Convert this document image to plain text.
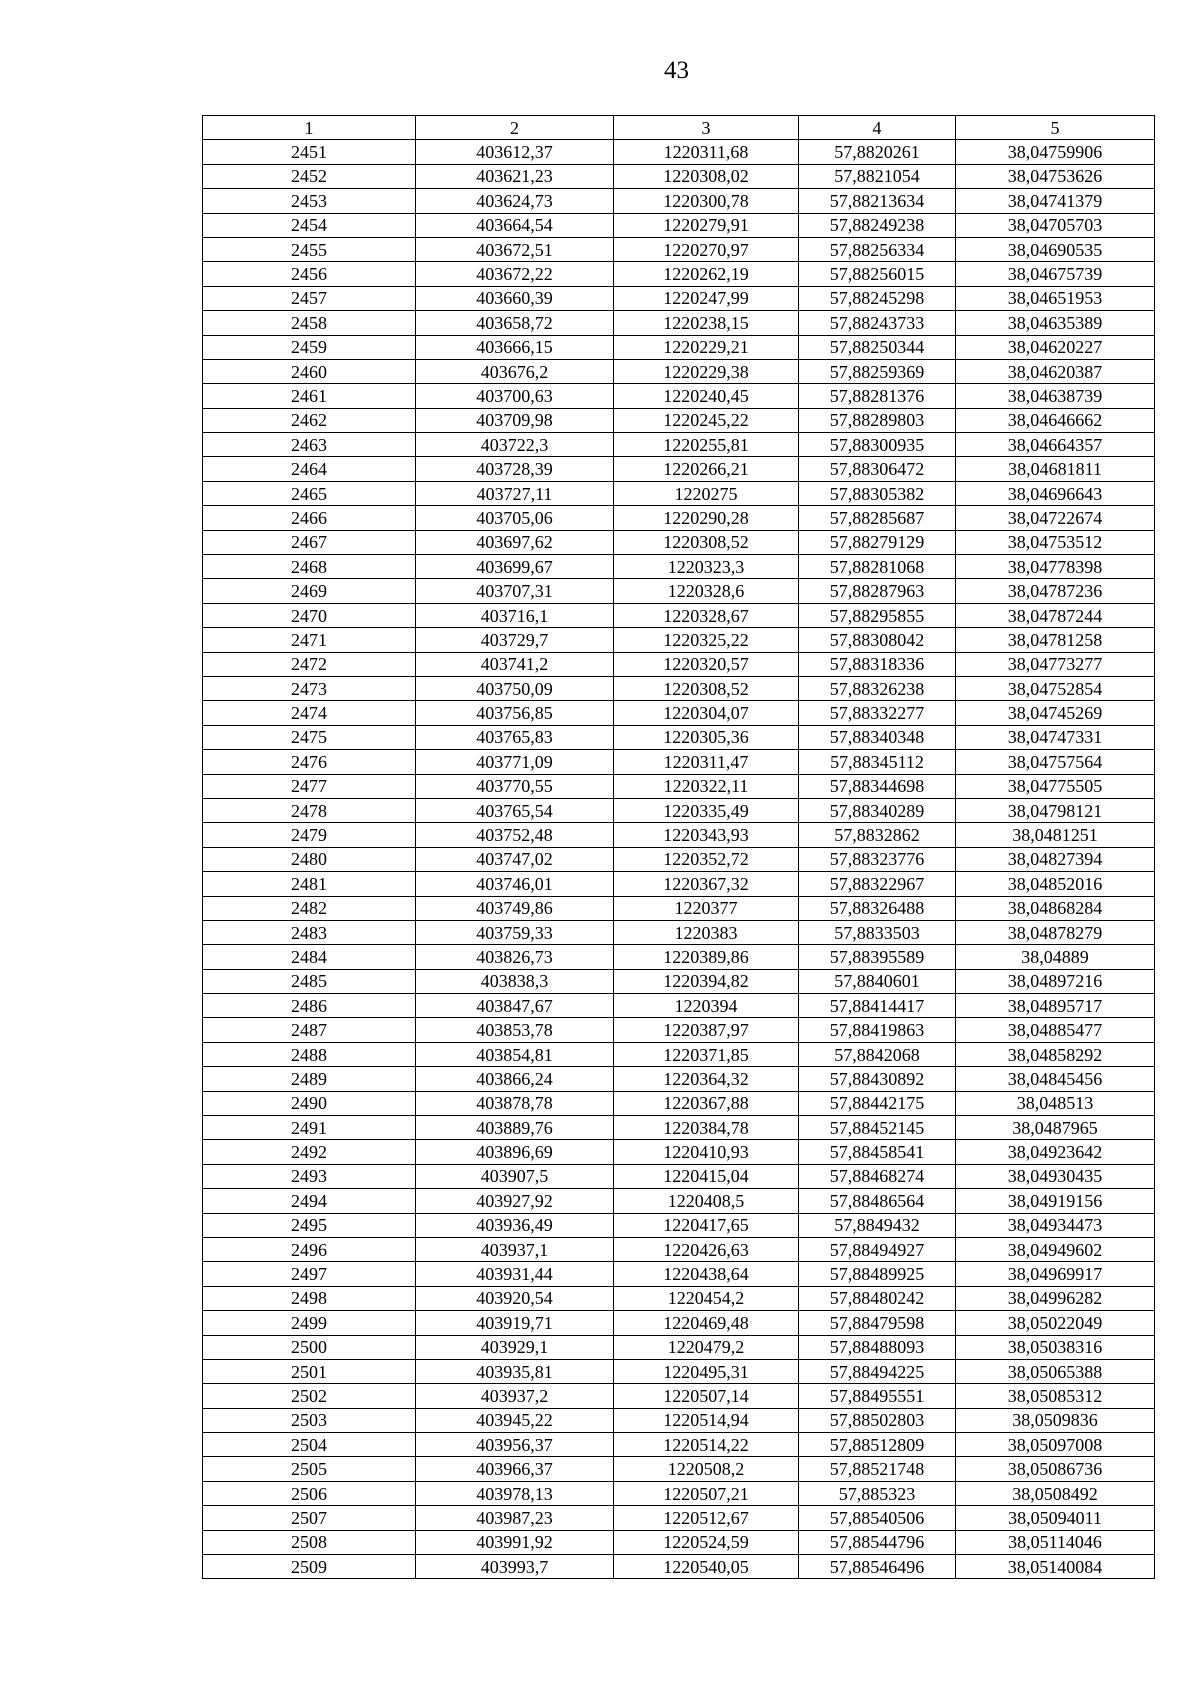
43
1	2	3	4	5
2451	403612,37	1220311,68	57,8820261	38,04759906
2452	403621,23	1220308,02	57,8821054	38,04753626
2453	403624,73	1220300,78	57,88213634	38,04741379
2454	403664,54	1220279,91	57,88249238	38,04705703
2455	403672,51	1220270,97	57,88256334	38,04690535
2456	403672,22	1220262,19	57,88256015	38,04675739
2457	403660,39	1220247,99	57,88245298	38,04651953
2458	403658,72	1220238,15	57,88243733	38,04635389
2459	403666,15	1220229,21	57,88250344	38,04620227
2460	403676,2	1220229,38	57,88259369	38,04620387
2461	403700,63	1220240,45	57,88281376	38,04638739
2462	403709,98	1220245,22	57,88289803	38,04646662
2463	403722,3	1220255,81	57,88300935	38,04664357
2464	403728,39	1220266,21	57,88306472	38,04681811
2465	403727,11	1220275	57,88305382	38,04696643
2466	403705,06	1220290,28	57,88285687	38,04722674
2467	403697,62	1220308,52	57,88279129	38,04753512
2468	403699,67	1220323,3	57,88281068	38,04778398
2469	403707,31	1220328,6	57,88287963	38,04787236
2470	403716,1	1220328,67	57,88295855	38,04787244
2471	403729,7	1220325,22	57,88308042	38,04781258
2472	403741,2	1220320,57	57,88318336	38,04773277
2473	403750,09	1220308,52	57,88326238	38,04752854
2474	403756,85	1220304,07	57,88332277	38,04745269
2475	403765,83	1220305,36	57,88340348	38,04747331
2476	403771,09	1220311,47	57,88345112	38,04757564
2477	403770,55	1220322,11	57,88344698	38,04775505
2478	403765,54	1220335,49	57,88340289	38,04798121
2479	403752,48	1220343,93	57,8832862	38,0481251
2480	403747,02	1220352,72	57,88323776	38,04827394
2481	403746,01	1220367,32	57,88322967	38,04852016
2482	403749,86	1220377	57,88326488	38,04868284
2483	403759,33	1220383	57,8833503	38,04878279
2484	403826,73	1220389,86	57,88395589	38,04889
2485	403838,3	1220394,82	57,8840601	38,04897216
2486	403847,67	1220394	57,88414417	38,04895717
2487	403853,78	1220387,97	57,88419863	38,04885477
2488	403854,81	1220371,85	57,8842068	38,04858292
2489	403866,24	1220364,32	57,88430892	38,04845456
2490	403878,78	1220367,88	57,88442175	38,048513
2491	403889,76	1220384,78	57,88452145	38,0487965
2492	403896,69	1220410,93	57,88458541	38,04923642
2493	403907,5	1220415,04	57,88468274	38,04930435
2494	403927,92	1220408,5	57,88486564	38,04919156
2495	403936,49	1220417,65	57,8849432	38,04934473
2496	403937,1	1220426,63	57,88494927	38,04949602
2497	403931,44	1220438,64	57,88489925	38,04969917
2498	403920,54	1220454,2	57,88480242	38,04996282
2499	403919,71	1220469,48	57,88479598	38,05022049
2500	403929,1	1220479,2	57,88488093	38,05038316
2501	403935,81	1220495,31	57,88494225	38,05065388
2502	403937,2	1220507,14	57,88495551	38,05085312
2503	403945,22	1220514,94	57,88502803	38,0509836
2504	403956,37	1220514,22	57,88512809	38,05097008
2505	403966,37	1220508,2	57,88521748	38,05086736
2506	403978,13	1220507,21	57,885323	38,0508492
2507	403987,23	1220512,67	57,88540506	38,05094011
2508	403991,92	1220524,59	57,88544796	38,05114046
2509	403993,7	1220540,05	57,88546496	38,05140084
